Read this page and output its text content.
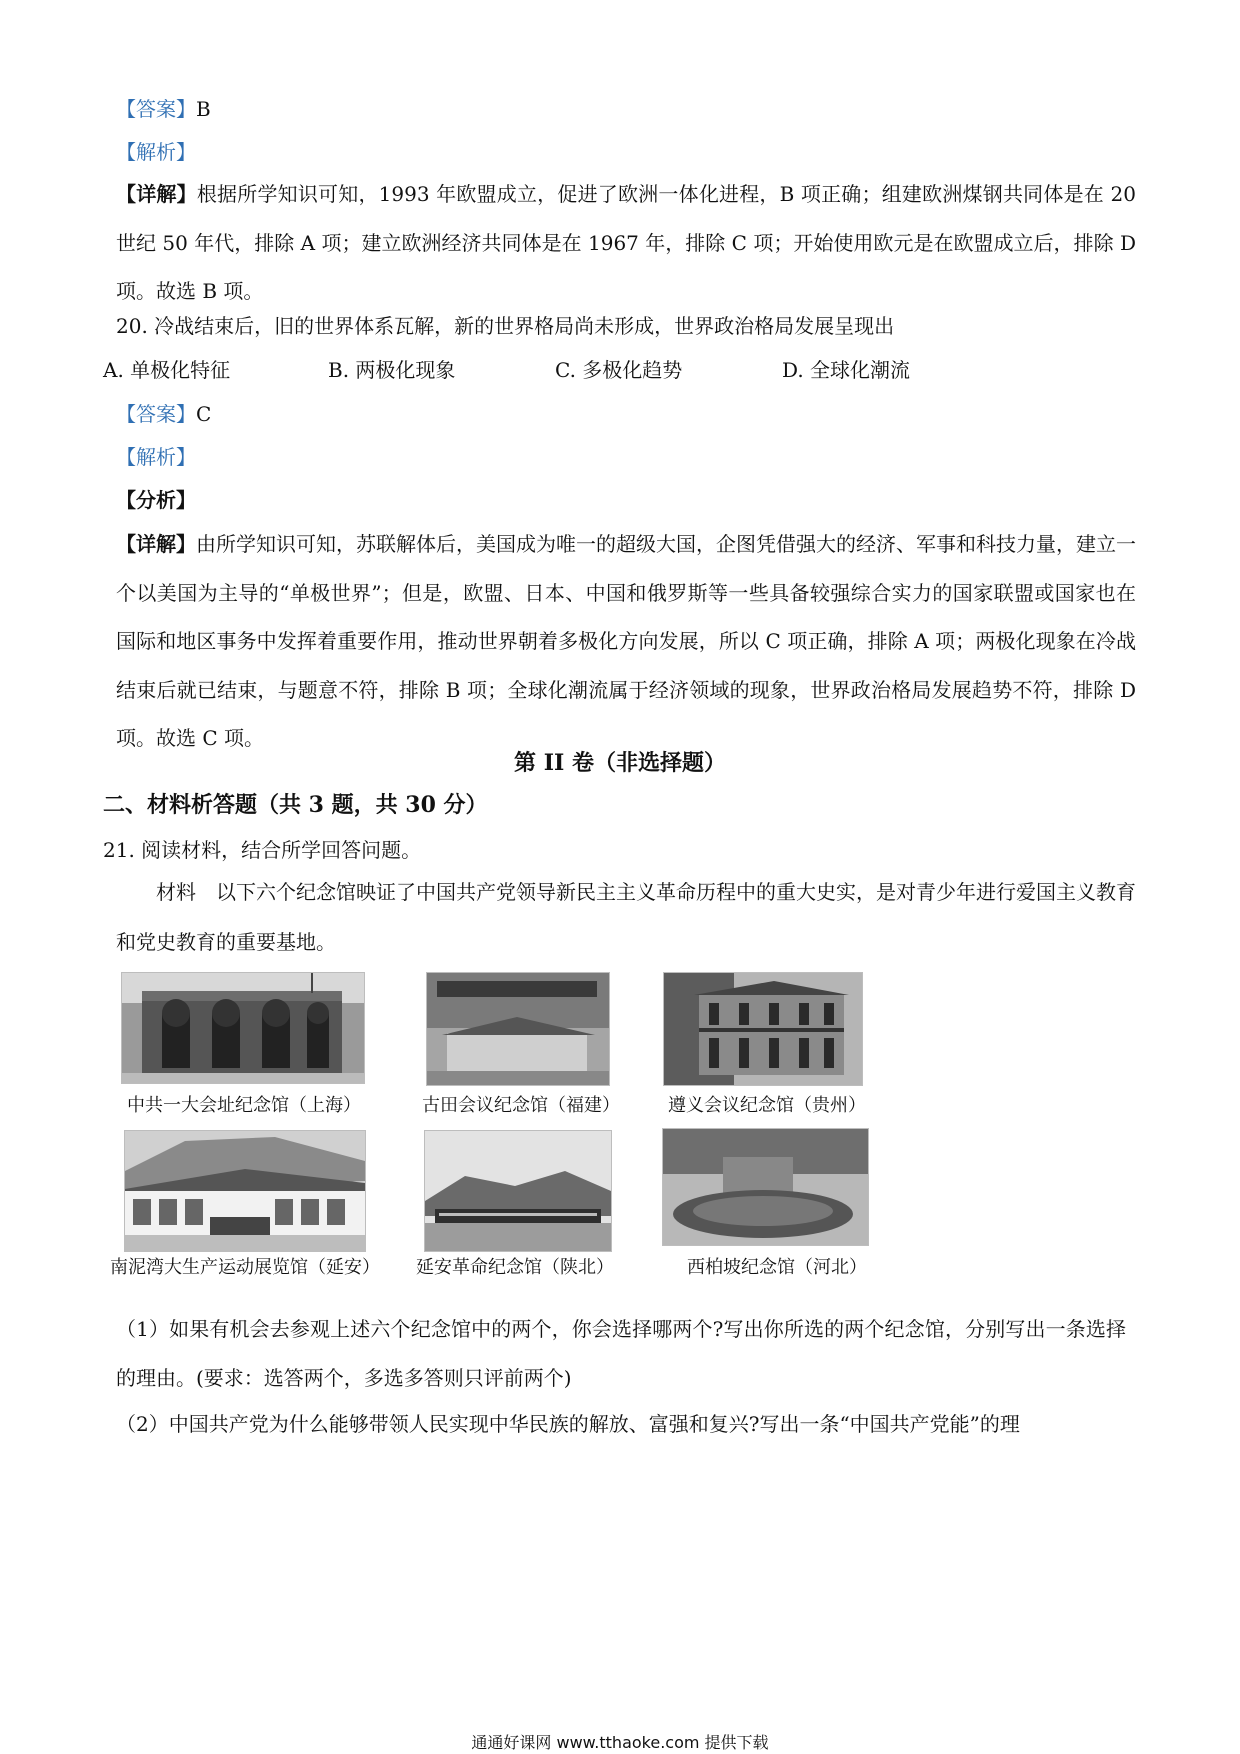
【答案】B
【解析】
【详解】根据所学知识可知，1993 年欧盟成立，促进了欧洲一体化进程，B 项正确；组建欧洲煤钢共同体是在 20 世纪 50 年代，排除 A 项；建立欧洲经济共同体是在 1967 年，排除 C 项；开始使用欧元是在欧盟成立后，排除 D 项。故选 B 项。
20. 冷战结束后，旧的世界体系瓦解，新的世界格局尚未形成，世界政治格局发展呈现出
A. 单极化特征	B. 两极化现象	C. 多极化趋势	D. 全球化潮流
【答案】C
【解析】
【分析】
【详解】由所学知识可知，苏联解体后，美国成为唯一的超级大国，企图凭借强大的经济、军事和科技力量，建立一个以美国为主导的“单极世界”；但是，欧盟、日本、中国和俄罗斯等一些具备较强综合实力的国家联盟或国家也在国际和地区事务中发挥着重要作用，推动世界朝着多极化方向发展，所以 C 项正确，排除 A 项；两极化现象在冷战结束后就已结束，与题意不符，排除 B 项；全球化潮流属于经济领域的现象，世界政治格局发展趋势不符，排除 D 项。故选 C 项。
第 II 卷（非选择题）
二、材料析答题（共 3 题，共 30 分）
21. 阅读材料，结合所学回答问题。
材料　以下六个纪念馆映证了中国共产党领导新民主主义革命历程中的重大史实，是对青少年进行爱国主义教育和党史教育的重要基地。
中共一大会址纪念馆（上海）	古田会议纪念馆（福建）	遵义会议纪念馆（贵州）
南泥湾大生产运动展览馆（延安）	延安革命纪念馆（陕北）	西柏坡纪念馆（河北）
（1）如果有机会去参观上述六个纪念馆中的两个，你会选择哪两个?写出你所选的两个纪念馆，分别写出一条选择的理由。(要求：选答两个，多选多答则只评前两个)
（2）中国共产党为什么能够带领人民实现中华民族的解放、富强和复兴?写出一条“中国共产党能”的理
通通好课网 www.tthaoke.com 提供下载
